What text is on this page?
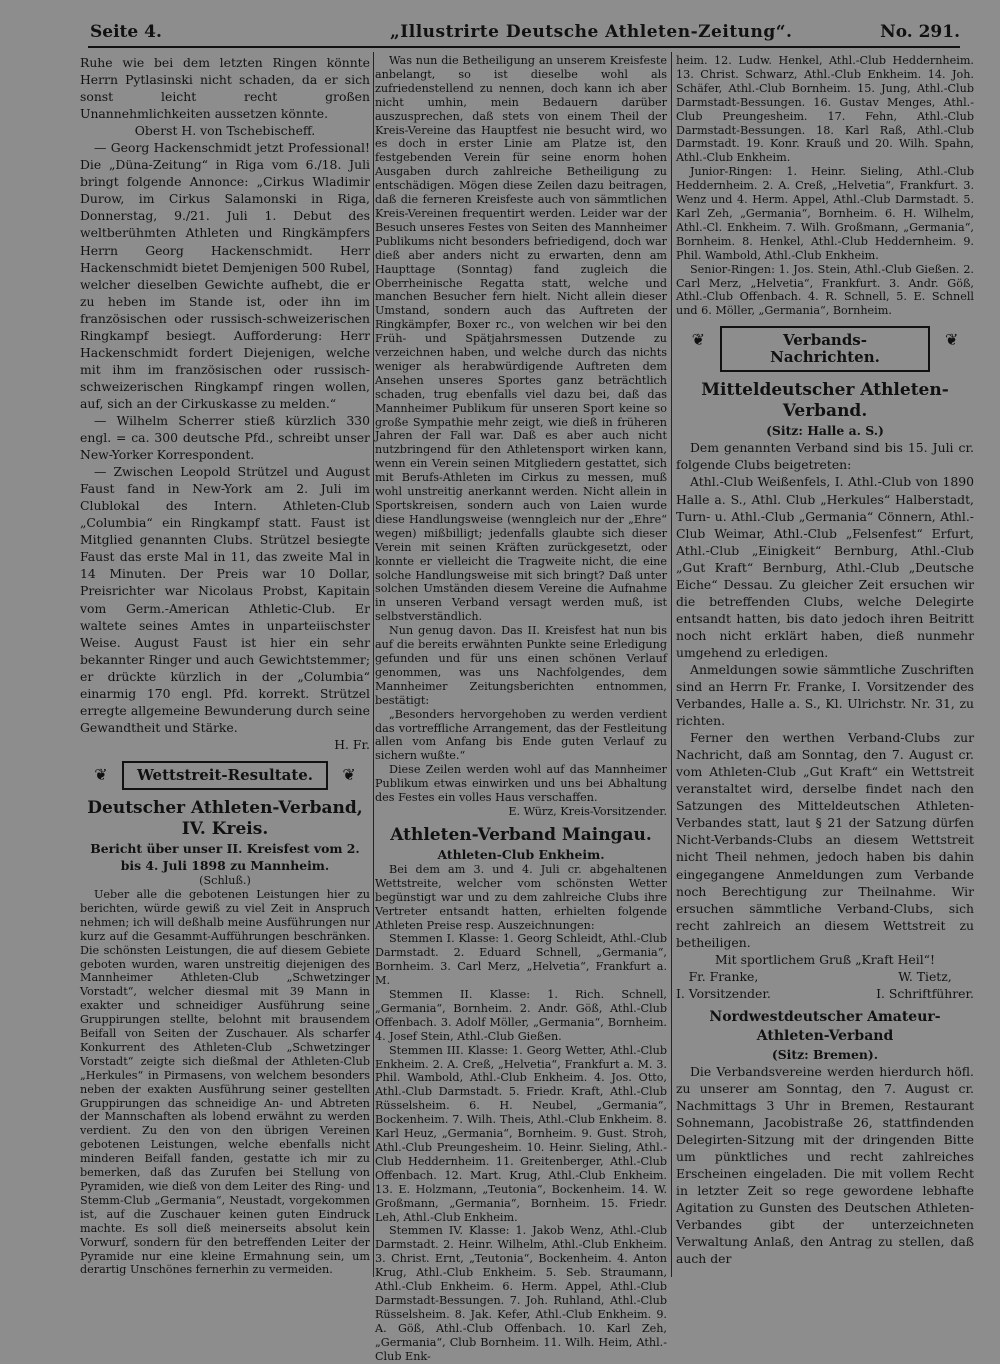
Seite 4.	„Illustrirte Deutsche Athleten-Zeitung“.	No. 291.

Ruhe wie bei dem letzten Ringen könnte Herrn Pytlasinski nicht schaden, da er sich sonst leicht recht großen Unannehmlichkeiten aussetzen könnte.

Oberst H. von Tschebischeff.

— Georg Hackenschmidt jetzt Professional! Die „Düna-Zeitung“ in Riga vom 6./18. Juli bringt folgende Annonce: „Cirkus Wladimir Durow, im Cirkus Salamonski in Riga, Donnerstag, 9./21. Juli 1. Debut des weltberühmten Athleten und Ringkämpfers Herrn Georg Hackenschmidt. Herr Hackenschmidt bietet Demjenigen 500 Rubel, welcher dieselben Gewichte aufhebt, die er zu heben im Stande ist, oder ihn im französischen oder russisch-schweizerischen Ringkampf besiegt. Aufforderung: Herr Hackenschmidt fordert Diejenigen, welche mit ihm im französischen oder russisch-schweizerischen Ringkampf ringen wollen, auf, sich an der Cirkuskasse zu melden.“

— Wilhelm Scherrer stieß kürzlich 330 engl. = ca. 300 deutsche Pfd., schreibt unser New-Yorker Korrespondent.

— Zwischen Leopold Strützel und August Faust fand in New-York am 2. Juli im Clublokal des Intern. Athleten-Club „Columbia“ ein Ringkampf statt. Faust ist Mitglied genannten Clubs. Strützel besiegte Faust das erste Mal in 11, das zweite Mal in 14 Minuten. Der Preis war 10 Dollar, Preisrichter war Nicolaus Probst, Kapitain vom Germ.-American Athletic-Club. Er waltete seines Amtes in unparteiischster Weise. August Faust ist hier ein sehr bekannter Ringer und auch Gewichtstemmer; er drückte kürzlich in der „Columbia“ einarmig 170 engl. Pfd. korrekt. Strützel erregte allgemeine Bewunderung durch seine Gewandtheit und Stärke.

H. Fr.

❦ Wettstreit-Resultate. ❦

Deutscher Athleten-Verband, IV. Kreis.

Bericht über unser II. Kreisfest vom 2. bis 4. Juli 1898 zu Mannheim.

(Schluß.)

Ueber alle die gebotenen Leistungen hier zu berichten, würde gewiß zu viel Zeit in Anspruch nehmen; ich will deßhalb meine Ausführungen nur kurz auf die Gesammt-Aufführungen beschränken. Die schönsten Leistungen, die auf diesem Gebiete geboten wurden, waren unstreitig diejenigen des Mannheimer Athleten-Club „Schwetzinger Vorstadt“, welcher diesmal mit 39 Mann in exakter und schneidiger Ausführung seine Gruppirungen stellte, belohnt mit brausendem Beifall von Seiten der Zuschauer. Als scharfer Konkurrent des Athleten-Club „Schwetzinger Vorstadt“ zeigte sich dießmal der Athleten-Club „Herkules“ in Pirmasens, von welchem besonders neben der exakten Ausführung seiner gestellten Gruppirungen das schneidige An- und Abtreten der Mannschaften als lobend erwähnt zu werden verdient. Zu den von den übrigen Vereinen gebotenen Leistungen, welche ebenfalls nicht minderen Beifall fanden, gestatte ich mir zu bemerken, daß das Zurufen bei Stellung von Pyramiden, wie dieß von dem Leiter des Ring- und Stemm-Club „Germania“, Neustadt, vorgekommen ist, auf die Zuschauer keinen guten Eindruck machte. Es soll dieß meinerseits absolut kein Vorwurf, sondern für den betreffenden Leiter der Pyramide nur eine kleine Ermahnung sein, um derartig Unschönes fernerhin zu vermeiden.

Was nun die Betheiligung an unserem Kreisfeste anbelangt, so ist dieselbe wohl als zufriedenstellend zu nennen, doch kann ich aber nicht umhin, mein Bedauern darüber auszusprechen, daß stets von einem Theil der Kreis-Vereine das Hauptfest nie besucht wird, wo es doch in erster Linie am Platze ist, den festgebenden Verein für seine enorm hohen Ausgaben durch zahlreiche Betheiligung zu entschädigen. Mögen diese Zeilen dazu beitragen, daß die ferneren Kreisfeste auch von sämmtlichen Kreis-Vereinen frequentirt werden. Leider war der Besuch unseres Festes von Seiten des Mannheimer Publikums nicht besonders befriedigend, doch war dieß aber anders nicht zu erwarten, denn am Haupttage (Sonntag) fand zugleich die Oberrheinische Regatta statt, welche und manchen Besucher fern hielt. Nicht allein dieser Umstand, sondern auch das Auftreten der Ringkämpfer, Boxer rc., von welchen wir bei den Früh- und Spätjahrsmessen Dutzende zu verzeichnen haben, und welche durch das nichts weniger als herabwürdigende Auftreten dem Ansehen unseres Sportes ganz beträchtlich schaden, trug ebenfalls viel dazu bei, daß das Mannheimer Publikum für unseren Sport keine so große Sympathie mehr zeigt, wie dieß in früheren Jahren der Fall war. Daß es aber auch nicht nutzbringend für den Athletensport wirken kann, wenn ein Verein seinen Mitgliedern gestattet, sich mit Berufs-Athleten im Cirkus zu messen, muß wohl unstreitig anerkannt werden. Nicht allein in Sportskreisen, sondern auch von Laien wurde diese Handlungsweise (wenngleich nur der „Ehre“ wegen) mißbilligt; jedenfalls glaubte sich dieser Verein mit seinen Kräften zurückgesetzt, oder konnte er vielleicht die Tragweite nicht, die eine solche Handlungsweise mit sich bringt? Daß unter solchen Umständen diesem Vereine die Aufnahme in unseren Verband versagt werden muß, ist selbstverständlich.

Nun genug davon. Das II. Kreisfest hat nun bis auf die bereits erwähnten Punkte seine Erledigung gefunden und für uns einen schönen Verlauf genommen, was uns Nachfolgendes, dem Mannheimer Zeitungsberichten entnommen, bestätigt:

„Besonders hervorgehoben zu werden verdient das vortreffliche Arrangement, das der Festleitung allen vom Anfang bis Ende guten Verlauf zu sichern wußte.“

Diese Zeilen werden wohl auf das Mannheimer Publikum etwas einwirken und uns bei Abhaltung des Festes ein volles Haus verschaffen.

E. Würz, Kreis-Vorsitzender.

Athleten-Verband Maingau.

Athleten-Club Enkheim.

Bei dem am 3. und 4. Juli cr. abgehaltenen Wettstreite, welcher vom schönsten Wetter begünstigt war und zu dem zahlreiche Clubs ihre Vertreter entsandt hatten, erhielten folgende Athleten Preise resp. Auszeichnungen:

Stemmen I. Klasse: 1. Georg Schleidt, Athl.-Club Darmstadt. 2. Eduard Schnell, „Germania“, Bornheim. 3. Carl Merz, „Helvetia“, Frankfurt a. M.

Stemmen II. Klasse: 1. Rich. Schnell, „Germania“, Bornheim. 2. Andr. Göß, Athl.-Club Offenbach. 3. Adolf Möller, „Germania“, Bornheim. 4. Josef Stein, Athl.-Club Gießen.

Stemmen III. Klasse: 1. Georg Wetter, Athl.-Club Enkheim. 2. A. Creß, „Helvetia“, Frankfurt a. M. 3. Phil. Wambold, Athl.-Club Enkheim. 4. Jos. Otto, Athl.-Club Darmstadt. 5. Friedr. Kraft, Athl.-Club Rüsselsheim. 6. H. Neubel, „Germania“, Bockenheim. 7. Wilh. Theis, Athl.-Club Enkheim. 8. Karl Heuz, „Germania“, Bornheim. 9. Gust. Stroh, Athl.-Club Preungesheim. 10. Heinr. Sieling, Athl.-Club Heddernheim. 11. Greitenberger, Athl.-Club Offenbach. 12. Mart. Krug, Athl.-Club Enkheim. 13. E. Holzmann, „Teutonia“, Bockenheim. 14. W. Großmann, „Germania“, Bornheim. 15. Friedr. Leh, Athl.-Club Enkheim.

Stemmen IV. Klasse: 1. Jakob Wenz, Athl.-Club Darmstadt. 2. Heinr. Wilhelm, Athl.-Club Enkheim. 3. Christ. Ernt, „Teutonia“, Bockenheim. 4. Anton Krug, Athl.-Club Enkheim. 5. Seb. Straumann, Athl.-Club Enkheim. 6. Herm. Appel, Athl.-Club Darmstadt-Bessungen. 7. Joh. Ruhland, Athl.-Club Rüsselsheim. 8. Jak. Kefer, Athl.-Club Enkheim. 9. A. Göß, Athl.-Club Offenbach. 10. Karl Zeh, „Germania“, Club Bornheim. 11. Wilh. Heim, Athl.-Club Enk-

heim. 12. Ludw. Henkel, Athl.-Club Heddernheim. 13. Christ. Schwarz, Athl.-Club Enkheim. 14. Joh. Schäfer, Athl.-Club Bornheim. 15. Jung, Athl.-Club Darmstadt-Bessungen. 16. Gustav Menges, Athl.-Club Preungesheim. 17. Fehn, Athl.-Club Darmstadt-Bessungen. 18. Karl Raß, Athl.-Club Darmstadt. 19. Konr. Krauß und 20. Wilh. Spahn, Athl.-Club Enkheim.

Junior-Ringen: 1. Heinr. Sieling, Athl.-Club Heddernheim. 2. A. Creß, „Helvetia“, Frankfurt. 3. Wenz und 4. Herm. Appel, Athl.-Club Darmstadt. 5. Karl Zeh, „Germania“, Bornheim. 6. H. Wilhelm, Athl.-Cl. Enkheim. 7. Wilh. Großmann, „Germania“, Bornheim. 8. Henkel, Athl.-Club Heddernheim. 9. Phil. Wambold, Athl.-Club Enkheim.

Senior-Ringen: 1. Jos. Stein, Athl.-Club Gießen. 2. Carl Merz, „Helvetia“, Frankfurt. 3. Andr. Göß, Athl.-Club Offenbach. 4. R. Schnell, 5. E. Schnell und 6. Möller, „Germania“, Bornheim.

❦ Verbands-Nachrichten. ❦

Mitteldeutscher Athleten-Verband.

(Sitz: Halle a. S.)

Dem genannten Verband sind bis 15. Juli cr. folgende Clubs beigetreten:

Athl.-Club Weißenfels, I. Athl.-Club von 1890 Halle a. S., Athl. Club „Herkules“ Halberstadt, Turn- u. Athl.-Club „Germania“ Cönnern, Athl.-Club Weimar, Athl.-Club „Felsenfest“ Erfurt, Athl.-Club „Einigkeit“ Bernburg, Athl.-Club „Gut Kraft“ Bernburg, Athl.-Club „Deutsche Eiche“ Dessau. Zu gleicher Zeit ersuchen wir die betreffenden Clubs, welche Delegirte entsandt hatten, bis dato jedoch ihren Beitritt noch nicht erklärt haben, dieß nunmehr umgehend zu erledigen.

Anmeldungen sowie sämmtliche Zuschriften sind an Herrn Fr. Franke, I. Vorsitzender des Verbandes, Halle a. S., Kl. Ulrichstr. Nr. 31, zu richten.

Ferner den werthen Verband-Clubs zur Nachricht, daß am Sonntag, den 7. August cr. vom Athleten-Club „Gut Kraft“ ein Wettstreit veranstaltet wird, derselbe findet nach den Satzungen des Mitteldeutschen Athleten-Verbandes statt, laut § 21 der Satzung dürfen Nicht-Verbands-Clubs an diesem Wettstreit nicht Theil nehmen, jedoch haben bis dahin eingegangene Anmeldungen zum Verbande noch Berechtigung zur Theilnahme. Wir ersuchen sämmtliche Verband-Clubs, sich recht zahlreich an diesem Wettstreit zu betheiligen.

Mit sportlichem Gruß „Kraft Heil“!

Fr. Franke,
I. Vorsitzender.
W. Tietz,
I. Schriftführer.

Nordwestdeutscher Amateur-Athleten-Verband

(Sitz: Bremen).

Die Verbandsvereine werden hierdurch höfl. zu unserer am Sonntag, den 7. August cr. Nachmittags 3 Uhr in Bremen, Restaurant Sohnemann, Jacobistraße 26, stattfindenden Delegirten-Sitzung mit der dringenden Bitte um pünktliches und recht zahlreiches Erscheinen eingeladen. Die mit vollem Recht in letzter Zeit so rege gewordene lebhafte Agitation zu Gunsten des Deutschen Athleten-Verbandes gibt der unterzeichneten Verwaltung Anlaß, den Antrag zu stellen, daß auch der
